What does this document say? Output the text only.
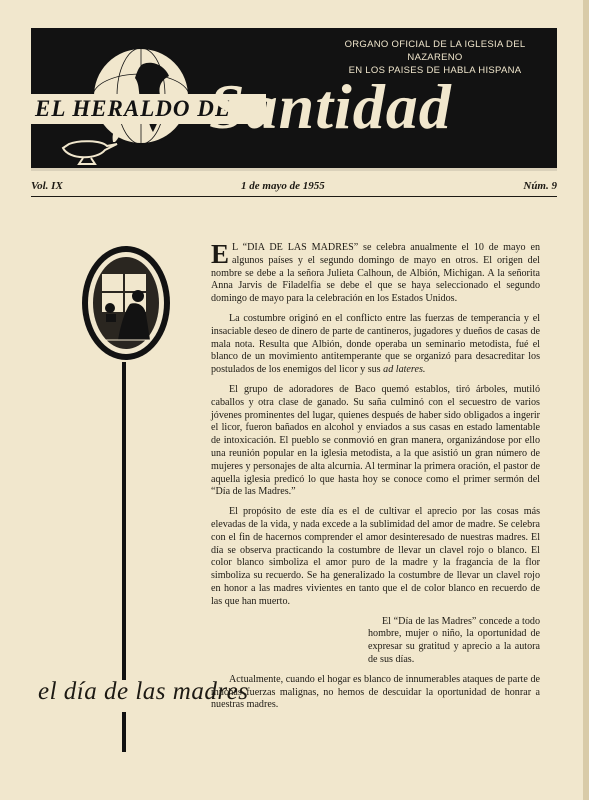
ORGANO OFICIAL DE LA IGLESIA DEL NAZARENO
EN LOS PAISES DE HABLA HISPANA
EL HERALDO DE
Santidad
Vol. IX	1 de mayo de 1955	Núm. 9
el día de las madres

E L “DIA DE LAS MADRES” se celebra anualmente el 10 de mayo en algunos países y el segundo domingo de mayo en otros. El origen del nombre se debe a la señora Julieta Calhoun, de Albión, Michigan. A la señorita Anna Jarvis de Filadelfia se debe el que se haya seleccionado el segundo domingo de mayo para la celebración en los Estados Unidos.

La costumbre originó en el conflicto entre las fuerzas de temperancia y el insaciable deseo de dinero de parte de cantineros, jugadores y dueños de casas de mala nota. Resulta que Albión, donde operaba un seminario metodista, fué el blanco de un movimiento antitemperante que se organizó para desacreditar los postulados de los enemigos del licor y sus ad lateres.

El grupo de adoradores de Baco quemó establos, tiró árboles, mutiló caballos y otra clase de ganado. Su saña culminó con el secuestro de varios jóvenes prominentes del lugar, quienes después de haber sido obligados a ingerir el licor, fueron bañados en alcohol y enviados a sus casas en estado lamentable de intoxicación. El pueblo se conmovió en gran manera, organizándose por ello una reunión popular en la iglesia metodista, a la que asistió un gran número de mujeres y personajes de alta alcurnia. Al terminar la primera oración, el pastor de aquella iglesia predicó lo que hasta hoy se conoce como el primer sermón del “Día de las Madres.”

El propósito de este día es el de cultivar el aprecio por las cosas más elevadas de la vida, y nada excede a la sublimidad del amor de madre. Se celebra con el fin de hacernos comprender el amor desinteresado de nuestras madres. El día se observa practicando la costumbre de llevar un clavel rojo o blanco. El color blanco simboliza el amor puro de la madre y la fragancia de la flor simboliza su recuerdo. Se ha generalizado la costumbre de llevar un clavel rojo en honor a las madres vivientes en tanto que el de color blanco en recuerdo de las que han muerto.

El “Día de las Madres” concede a todo hombre, mujer o niño, la oportunidad de expresar su gratitud y aprecio a la autora de sus días.

Actualmente, cuando el hogar es blanco de innumerables ataques de parte de muchas fuerzas malignas, no hemos de descuidar la oportunidad de honrar a nuestras madres.
